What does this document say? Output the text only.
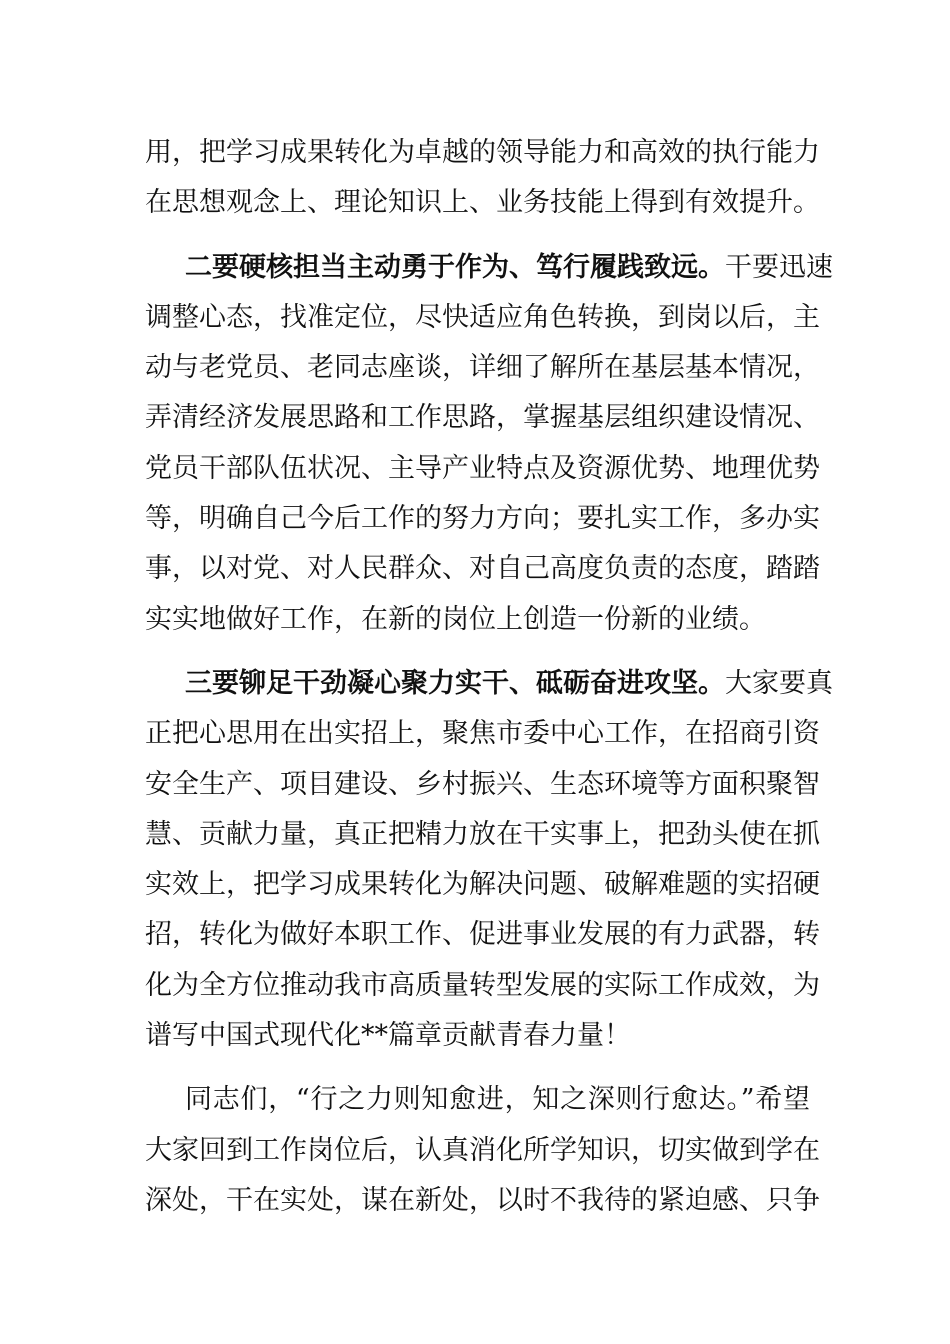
用，把学习成果转化为卓越的领导能力和高效的执行能力
在思想观念上、理论知识上、业务技能上得到有效提升。
二要硬核担当主动勇于作为、笃行履践致远。干要迅速
调整心态，找准定位，尽快适应角色转换，到岗以后，主
动与老党员、老同志座谈，详细了解所在基层基本情况，
弄清经济发展思路和工作思路，掌握基层组织建设情况、
党员干部队伍状况、主导产业特点及资源优势、地理优势
等，明确自己今后工作的努力方向；要扎实工作，多办实
事，以对党、对人民群众、对自己高度负责的态度，踏踏
实实地做好工作，在新的岗位上创造一份新的业绩。
三要铆足干劲凝心聚力实干、砥砺奋进攻坚。大家要真
正把心思用在出实招上，聚焦市委中心工作，在招商引资
安全生产、项目建设、乡村振兴、生态环境等方面积聚智
慧、贡献力量，真正把精力放在干实事上，把劲头使在抓
实效上，把学习成果转化为解决问题、破解难题的实招硬
招，转化为做好本职工作、促进事业发展的有力武器，转
化为全方位推动我市高质量转型发展的实际工作成效，为
谱写中国式现代化**篇章贡献青春力量！
同志们，“行之力则知愈进，知之深则行愈达。”希望
大家回到工作岗位后，认真消化所学知识，切实做到学在
深处，干在实处，谋在新处，以时不我待的紧迫感、只争
